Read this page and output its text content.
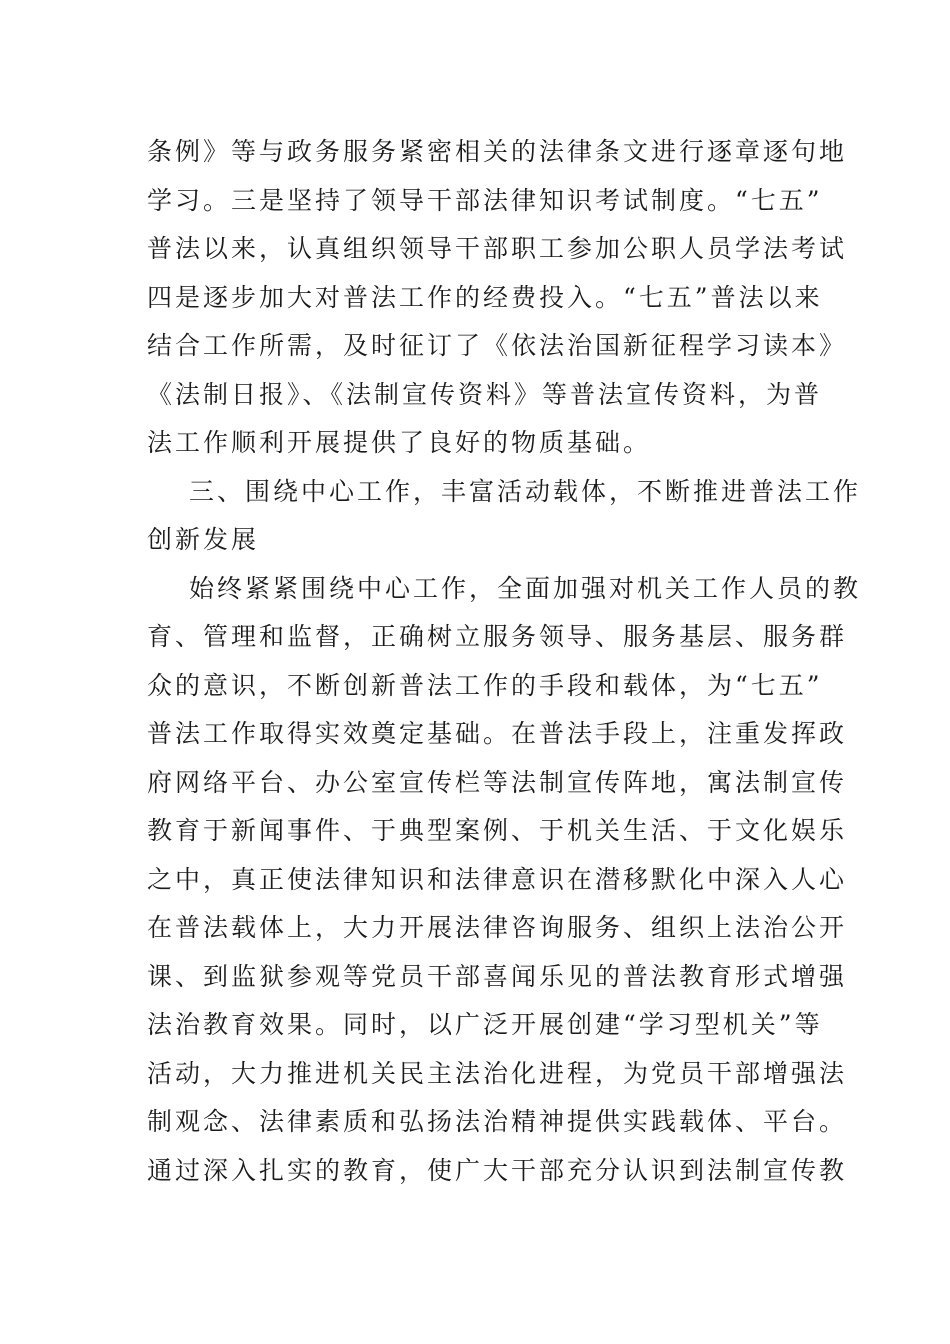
条例》等与政务服务紧密相关的法律条文进行逐章逐句地
学习。三是坚持了领导干部法律知识考试制度。“七五”
普法以来，认真组织领导干部职工参加公职人员学法考试
四是逐步加大对普法工作的经费投入。“七五”普法以来
结合工作所需，及时征订了《依法治国新征程学习读本》
《法制日报》、《法制宣传资料》等普法宣传资料，为普
法工作顺利开展提供了良好的物质基础。
三、围绕中心工作，丰富活动载体，不断推进普法工作
创新发展
始终紧紧围绕中心工作，全面加强对机关工作人员的教
育、管理和监督，正确树立服务领导、服务基层、服务群
众的意识，不断创新普法工作的手段和载体，为“七五”
普法工作取得实效奠定基础。在普法手段上，注重发挥政
府网络平台、办公室宣传栏等法制宣传阵地，寓法制宣传
教育于新闻事件、于典型案例、于机关生活、于文化娱乐
之中，真正使法律知识和法律意识在潜移默化中深入人心
在普法载体上，大力开展法律咨询服务、组织上法治公开
课、到监狱参观等党员干部喜闻乐见的普法教育形式增强
法治教育效果。同时，以广泛开展创建“学习型机关”等
活动，大力推进机关民主法治化进程，为党员干部增强法
制观念、法律素质和弘扬法治精神提供实践载体、平台。
通过深入扎实的教育，使广大干部充分认识到法制宣传教
